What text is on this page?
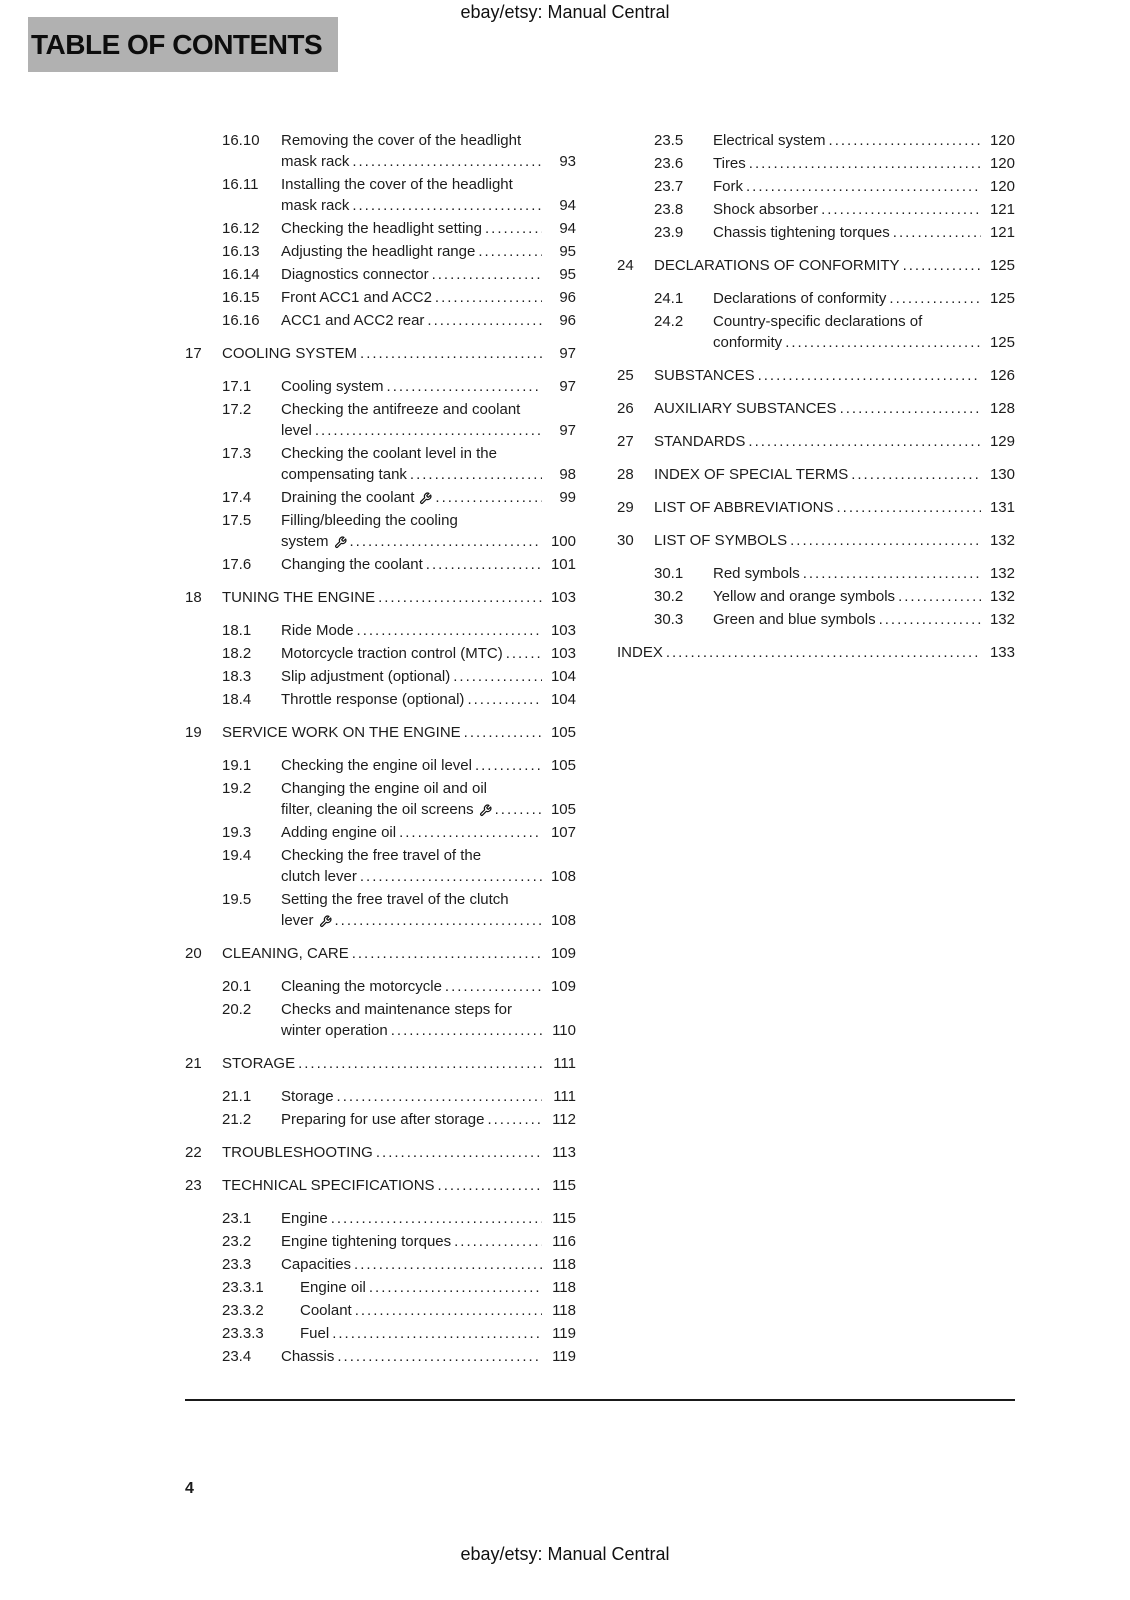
ebay/etsy: Manual Central
TABLE OF CONTENTS
16.10	Removing the cover of the headlight
mask rack .....	93
16.11	Installing the cover of the headlight
mask rack .....	94
16.12	Checking the headlight setting .....	94
16.13	Adjusting the headlight range .....	95
16.14	Diagnostics connector .....	95
16.15	Front ACC1 and ACC2 .....	96
16.16	ACC1 and ACC2 rear .....	96
17	COOLING SYSTEM .....	97
17.1	Cooling system .....	97
17.2	Checking the antifreeze and coolant
level .....	97
17.3	Checking the coolant level in the
compensating tank .....	98
17.4	Draining the coolant .....	99
17.5	Filling/bleeding the cooling
system .....	100
17.6	Changing the coolant .....	101
18	TUNING THE ENGINE .....	103
18.1	Ride Mode .....	103
18.2	Motorcycle traction control (MTC) .....	103
18.3	Slip adjustment (optional) .....	104
18.4	Throttle response (optional) .....	104
19	SERVICE WORK ON THE ENGINE .....	105
19.1	Checking the engine oil level .....	105
19.2	Changing the engine oil and oil
filter, cleaning the oil screens .....	105
19.3	Adding engine oil .....	107
19.4	Checking the free travel of the
clutch lever .....	108
19.5	Setting the free travel of the clutch
lever .....	108
20	CLEANING, CARE .....	109
20.1	Cleaning the motorcycle .....	109
20.2	Checks and maintenance steps for
winter operation .....	110
21	STORAGE .....	111
21.1	Storage .....	111
21.2	Preparing for use after storage .....	112
22	TROUBLESHOOTING .....	113
23	TECHNICAL SPECIFICATIONS .....	115
23.1	Engine .....	115
23.2	Engine tightening torques .....	116
23.3	Capacities .....	118
23.3.1	Engine oil .....	118
23.3.2	Coolant .....	118
23.3.3	Fuel .....	119
23.4	Chassis .....	119
23.5	Electrical system .....	120
23.6	Tires .....	120
23.7	Fork .....	120
23.8	Shock absorber .....	121
23.9	Chassis tightening torques .....	121
24	DECLARATIONS OF CONFORMITY .....	125
24.1	Declarations of conformity .....	125
24.2	Country-specific declarations of
conformity .....	125
25	SUBSTANCES .....	126
26	AUXILIARY SUBSTANCES .....	128
27	STANDARDS .....	129
28	INDEX OF SPECIAL TERMS .....	130
29	LIST OF ABBREVIATIONS .....	131
30	LIST OF SYMBOLS .....	132
30.1	Red symbols .....	132
30.2	Yellow and orange symbols .....	132
30.3	Green and blue symbols .....	132
INDEX .....	133
4
ebay/etsy: Manual Central
